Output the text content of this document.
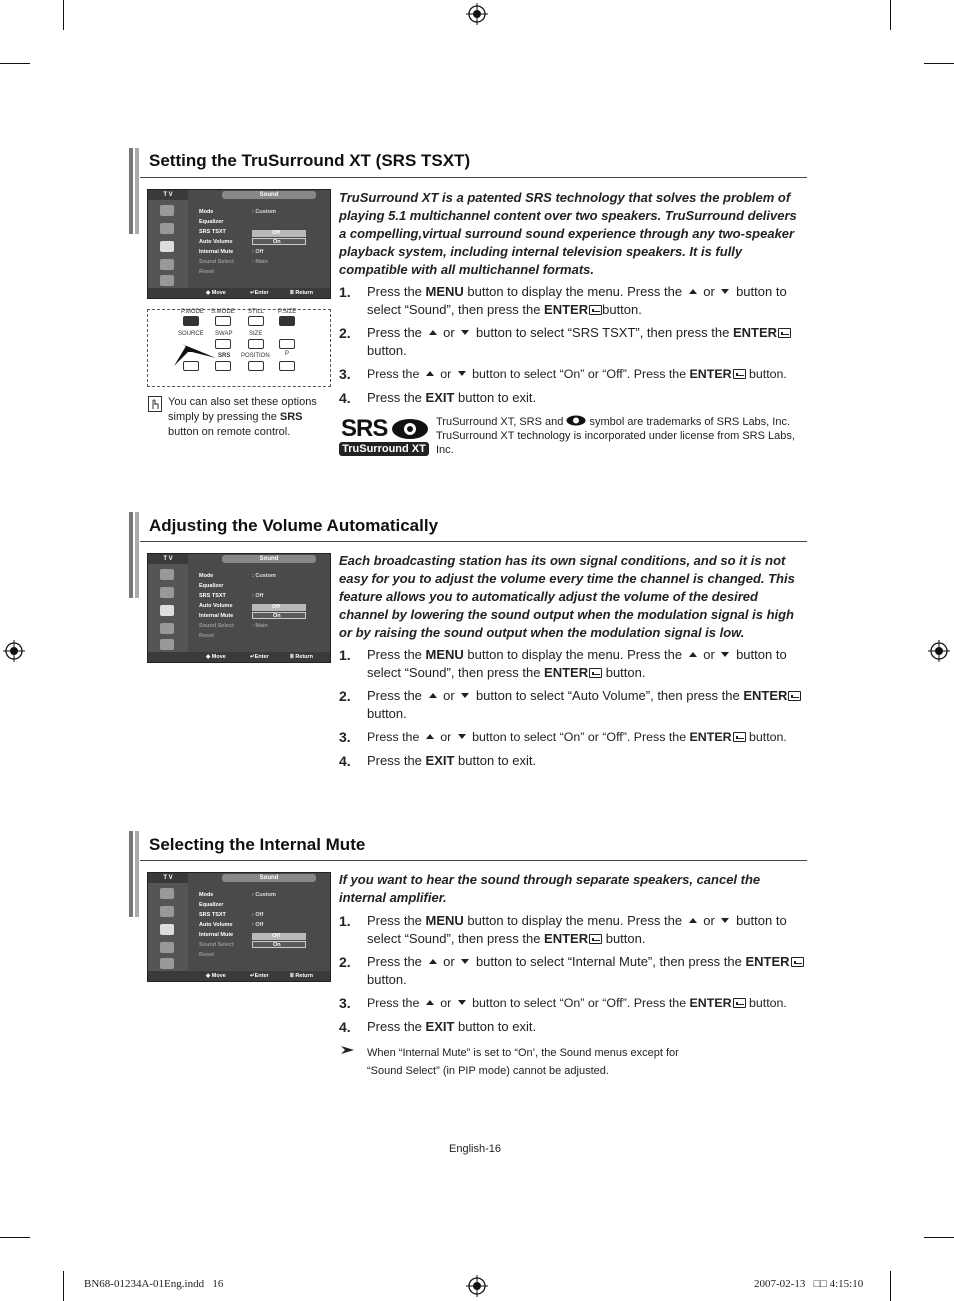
Setting the TruSurround XT (SRS TSXT)
T V	Sound
Mode
Equalizer
SRS TSXT
Auto Volume
Internal Mute
Sound Select
Reset
: Custom
Off
On
: Off
: Main
◆ Move	↵Enter	Ⅲ Return
P.MODE S.MODE STILL P.SIZE
SOURCE SWAP	SIZE
SRS POSITION	P
You can also set these options simply by pressing the SRS button on remote control.
TruSurround XT is a patented SRS technology that solves the problem of playing 5.1 multichannel content over two speakers. TruSurround delivers a compelling,virtual surround sound experience through any two-speaker playback system, including internal television speakers. It is fully compatible with all multichannel formats.
1. Press the MENU button to display the menu. Press the  or  button to select “Sound”, then press the ENTER button.
2. Press the  or  button to select “SRS TSXT”, then press the ENTER button.
3. Press the  or  button to select “On” or “Off”. Press the ENTER button.
4. Press the EXIT button to exit.
SRS
TruSurround XT
TruSurround XT, SRS and  symbol are trademarks of SRS Labs, Inc. TruSurround XT technology is incorporated under license from SRS Labs, Inc.
Adjusting the Volume Automatically
T V	Sound
Mode
Equalizer
SRS TSXT
Auto Volume
Internal Mute
Sound Select
Reset
: Custom
: Off
Off
On
: Main
◆ Move	↵Enter	Ⅲ Return
Each broadcasting station has its own signal conditions, and so it is not easy for you to adjust the volume every time the channel is changed. This feature allows you to automatically adjust the volume of the desired channel by lowering the sound output when the modulation signal is high or by raising the sound output when the modulation signal is low.
1. Press the MENU button to display the menu. Press the  or  button to select “Sound”, then press the ENTER button.
2. Press the  or  button to select “Auto Volume”, then press the ENTER button.
3. Press the  or  button to select “On” or “Off”. Press the ENTER button.
4. Press the EXIT button to exit.
Selecting the Internal Mute
T V	Sound
Mode
Equalizer
SRS TSXT
Auto Volume
Internal Mute
Sound Select
Reset
: Custom
: Off
: Off
Off
On
◆ Move	↵Enter	Ⅲ Return
If you want to hear the sound through separate speakers, cancel the internal amplifier.
1. Press the MENU button to display the menu. Press the  or  button to select “Sound”, then press the ENTER button.
2. Press the  or  button to select “Internal Mute”, then press the ENTER button.
3. Press the  or  button to select “On” or “Off”. Press the ENTER button.
4. Press the EXIT button to exit.
When “Internal Mute” is set to “On’, the Sound menus except for “Sound Select” (in PIP mode) cannot be adjusted.
English-16
BN68-01234A-01Eng.indd   16	2007-02-13   □□ 4:15:10
